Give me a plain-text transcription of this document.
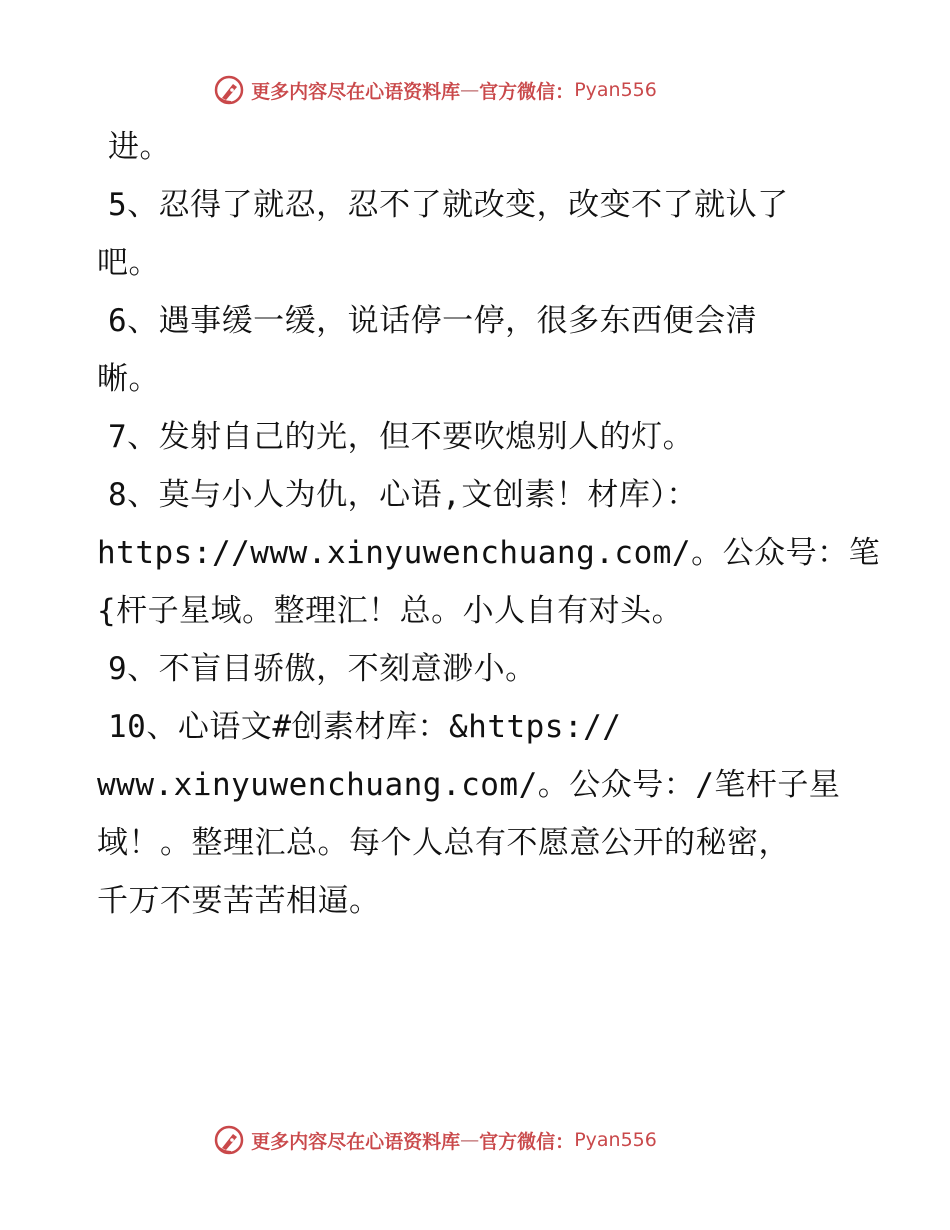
更多内容尽在心语资料库 — 官方微信： Pyan556
进。
5、忍得了就忍，忍不了就改变，改变不了就认了
吧。
6、遇事缓一缓，说话停一停，很多东西便会清
晰。
7、发射自己的光，但不要吹熄别人的灯。
8、莫与小人为仇，心语,文创素！材库）：
https://www.xinyuwenchuang.com/。公众号：笔
{杆子星域。整理汇！总。小人自有对头。
9、不盲目骄傲，不刻意渺小。
10、心语文#创素材库：&https://
www.xinyuwenchuang.com/。公众号：/笔杆子星
域！。整理汇总。每个人总有不愿意公开的秘密，
千万不要苦苦相逼。
更多内容尽在心语资料库 — 官方微信： Pyan556
